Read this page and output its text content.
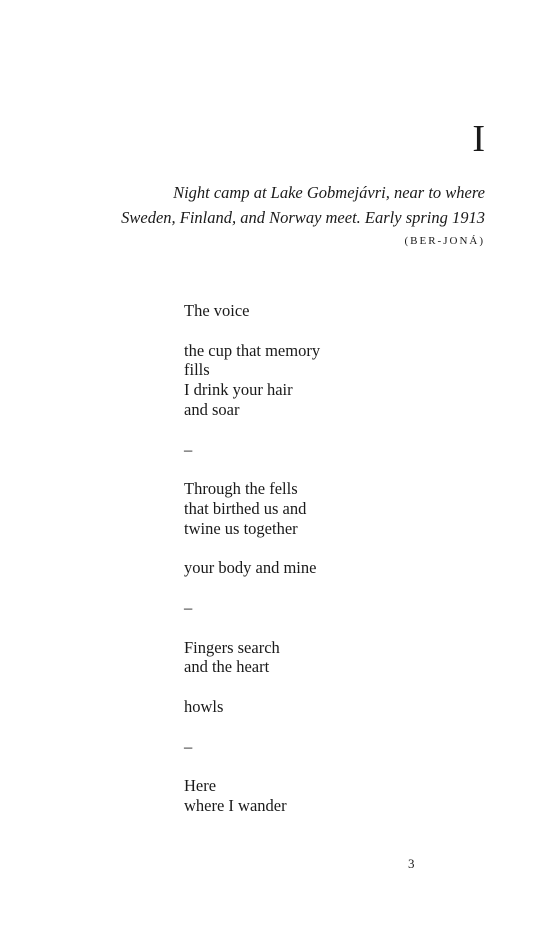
I
Night camp at Lake Gobmejávri, near to where
Sweden, Finland, and Norway meet. Early spring 1913
(BER-JONÁ)
The voice
the cup that memory
fills
I drink your hair
and soar
–
Through the fells
that birthed us and
twine us together
your body and mine
–
Fingers search
and the heart
howls
–
Here
where I wander
3
